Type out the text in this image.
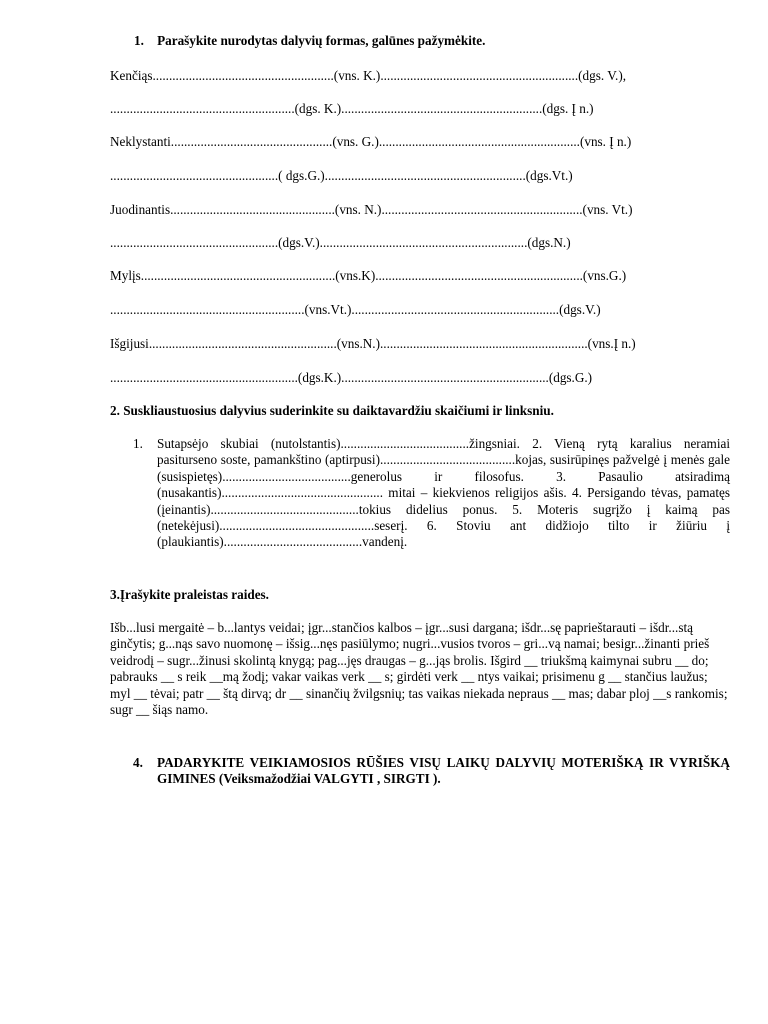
1. Parašykite nurodytas dalyvių formas, galūnes pažymėkite.
Kenčiąs.......................................................(vns. K.)............................................................(dgs. V.),
........................................................(dgs. K.).............................................................(dgs. Į n.)
Neklystanti.................................................(vns. G.).............................................................(vns. Į n.)
...................................................( dgs.G.).............................................................(dgs.Vt.)
Juodinantis..................................................(vns. N.).............................................................(vns. Vt.)
...................................................(dgs.V.)...............................................................(dgs.N.)
Mylįs...........................................................(vns.K)...............................................................(vns.G.)
...........................................................(vns.Vt.)...............................................................(dgs.V.)
Išgijusi.........................................................(vns.N.)...............................................................(vns.Į n.)
.........................................................(dgs.K.)...............................................................(dgs.G.)
2. Suskliaustuosius dalyvius suderinkite su daiktavardžiu skaičiumi ir linksniu.
1. Sutapsėjo skubiai (nutolstantis).......................................žingsniai. 2. Vieną rytą karalius neramiai pasiturseno soste, pamankštino (aptirpusi).........................................kojas, susirūpinęs pažvelgė į menės gale (susispietęs).......................................generolus ir filosofus. 3. Pasaulio atsiradimą (nusakantis)................................................. mitai – kiekvienos religijos ašis. 4. Persigando tėvas, pamatęs (įeinantis).............................................tokius didelius ponus. 5. Moteris sugrįžo į kaimą pas (netekėjusi)...............................................seserį. 6. Stoviu ant didžiojo tilto ir žiūriu į (plaukiantis)..........................................vandenį.
3.Įrašykite praleistas raides.
Išb...lusi mergaitė – b...lantys veidai; įgr...stančios kalbos – įgr...susi dargana; išdr...sę paprieštarauti – išdr...stą ginčytis; g...nąs savo nuomonę – išsig...nęs pasiūlymo; nugri...vusios tvoros – gri...vą namai; besigr...žinanti prieš veidrodį – sugr...žinusi skolintą knygą; pag...jęs draugas – g...jąs brolis. Išgird __ triukšmą kaimynai subru __ do; pabrauks __ s reik __mą žodį; vakar vaikas verk __ s; girdėti verk __ ntys vaikai; prisimenu g __ stančius laužus; myl __ tėvai; patr __ štą dirvą; dr __ sinančių žvilgsnių; tas vaikas niekada nepraus __ mas; dabar ploj __s rankomis; sugr __ šiąs namo.
4. PADARYKITE VEIKIAMOSIOS RŪŠIES VISŲ LAIKŲ DALYVIŲ MOTERIŠKĄ IR VYRIŠKĄ GIMINES (Veiksmažodžiai VALGYTI , SIRGTI ).
